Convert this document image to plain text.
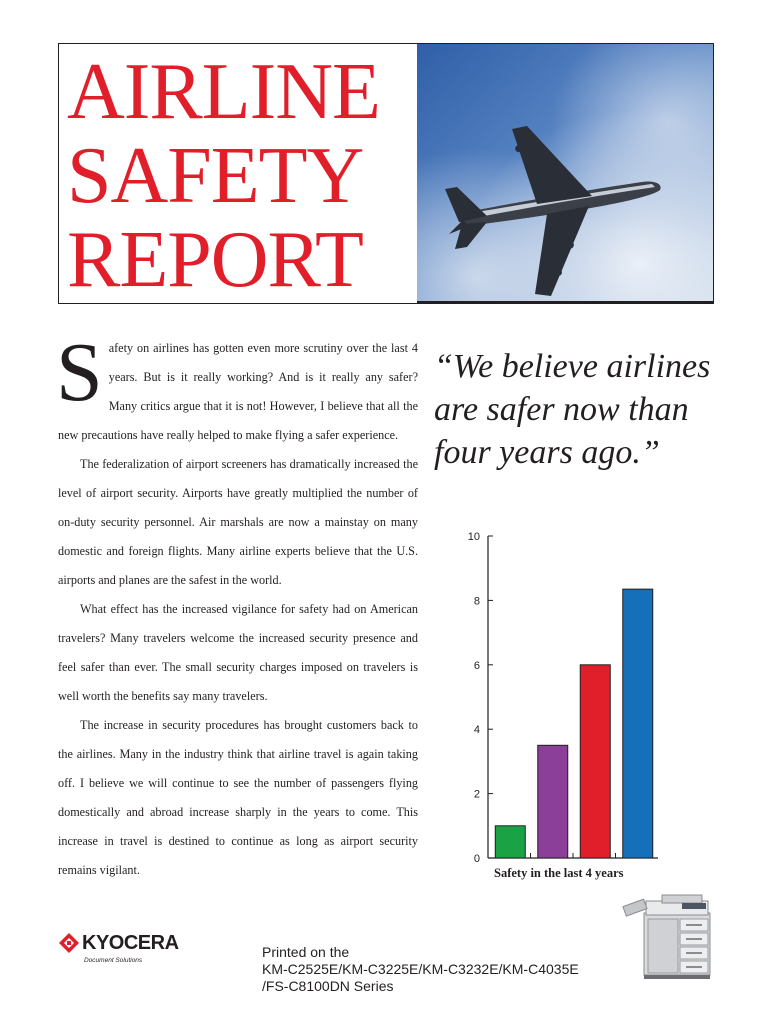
AIRLINE
SAFETY
REPORT

Safety on airlines has gotten even more scrutiny over the last 4 years. But is it really working? And is it really any safer? Many critics argue that it is not! However, I believe that all the new precautions have really helped to make flying a safer experience.

The federalization of airport screeners has dramatically increased the level of airport security. Airports have greatly multiplied the number of on-duty security personnel. Air marshals are now a mainstay on many domestic and foreign flights. Many airline experts believe that the U.S. airports and planes are the safest in the world.

What effect has the increased vigilance for safety had on American travelers? Many travelers welcome the increased security presence and feel safer than ever. The small security charges imposed on travelers is well worth the benefits say many travelers.

The increase in security procedures has brought customers back to the airlines. Many in the industry think that airline travel is again taking off. I believe we will continue to see the number of passengers flying domestically and abroad increase sharply in the years to come. This increase in travel is destined to continue as long as airport security remains vigilant.

“We believe airlines are safer now than four years ago.”
0
2
4
6
8
10
Safety in the last 4 years
KYOCERA
Document Solutions
Printed on the
KM-C2525E/KM-C3225E/KM-C3232E/KM-C4035E
/FS-C8100DN Series
